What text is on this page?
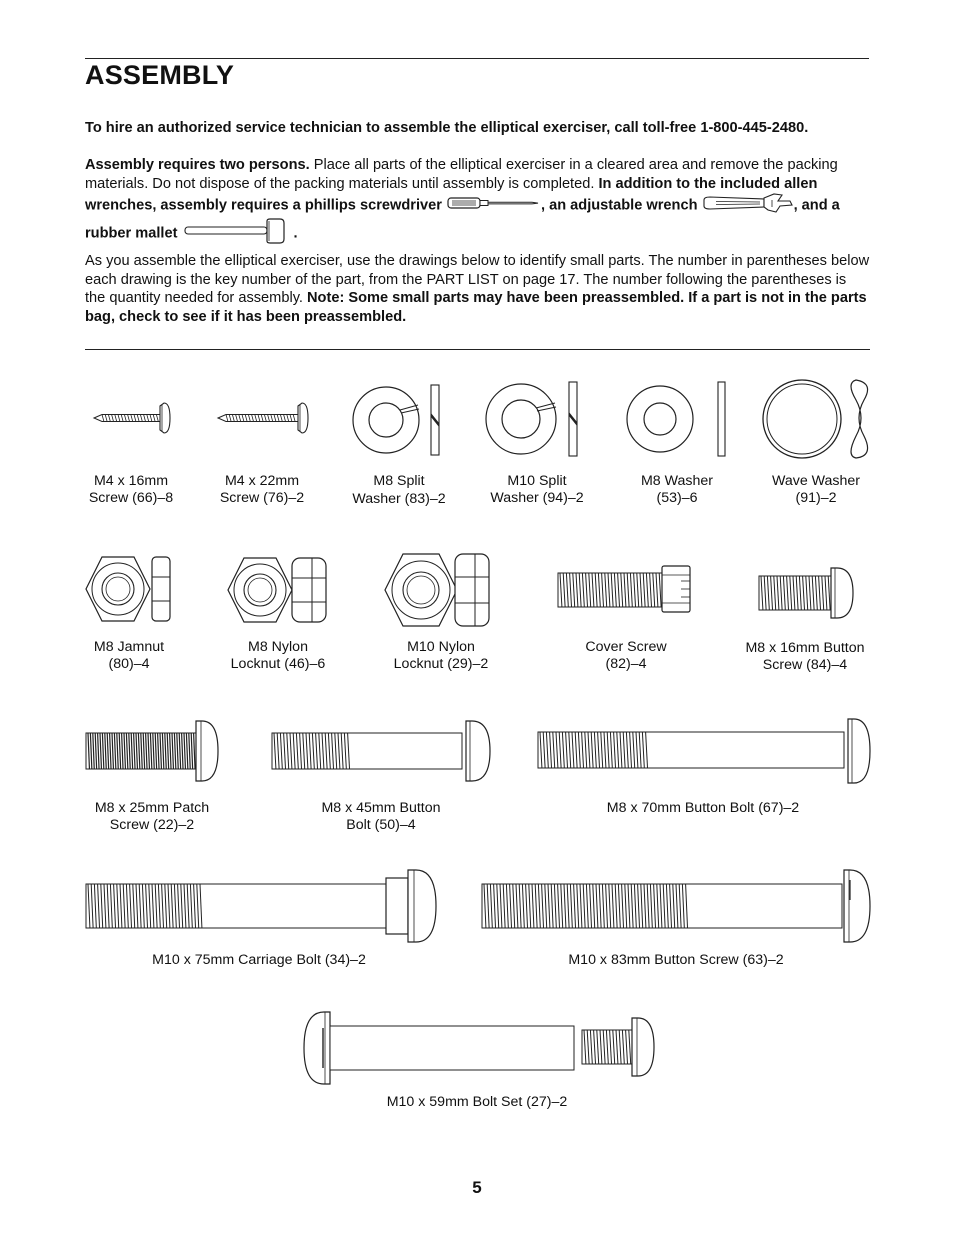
ASSEMBLY
To hire an authorized service technician to assemble the elliptical exerciser, call toll-free 1-800-445-2480.
Assembly requires two persons. Place all parts of the elliptical exerciser in a cleared area and remove the packing materials. Do not dispose of the packing materials until assembly is completed. In addition to the included allen wrenches, assembly requires a phillips screwdriver	, an adjustable wrench	, and a rubber mallet	.
As you assemble the elliptical exerciser, use the drawings below to identify small parts. The number in parentheses below each drawing is the key number of the part, from the PART LIST on page 17. The number following the parentheses is the quantity needed for assembly. Note: Some small parts may have been preassembled. If a part is not in the parts bag, check to see if it has been preassembled.
M4 x 16mm
Screw (66)–8
M4 x 22mm
Screw (76)–2
M8 Split
Washer (83)–2
M10 Split
Washer (94)–2
M8 Washer
(53)–6
Wave Washer
(91)–2
M8 Jamnut
(80)–4
M8 Nylon
Locknut (46)–6
M10 Nylon
Locknut (29)–2
Cover Screw
(82)–4
M8 x 16mm Button
Screw (84)–4
M8 x 25mm Patch
Screw (22)–2
M8 x 45mm Button
Bolt (50)–4
M8 x 70mm Button Bolt (67)–2
M10 x 75mm Carriage Bolt (34)–2	M10 x 83mm Button Screw (63)–2
M10 x 59mm Bolt Set (27)–2
5
